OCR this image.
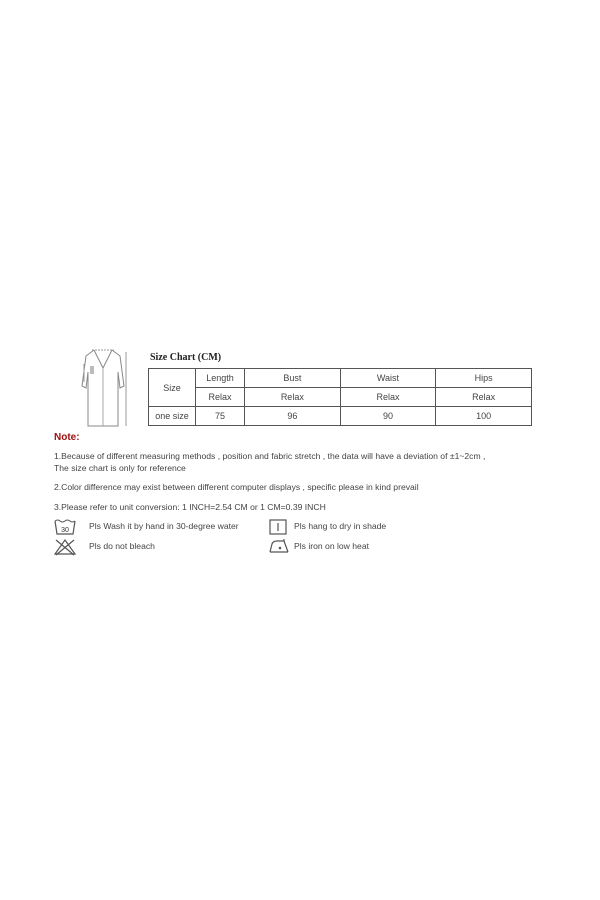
Size Chart (CM)
Size	Length	Bust	Waist	Hips
	Relax	Relax	Relax	Relax
one size	75	96	90	100
Note:
1.Because of different measuring methods , position and fabric stretch , the data will have a deviation of ±1~2cm ,
The size chart is only for reference
2.Color difference may exist between different computer displays , specific please in kind prevail
3.Please refer to unit conversion: 1 INCH=2.54 CM or 1 CM=0.39 INCH
30 Pls Wash it by hand in 30-degree water	Pls hang to dry in shade
Pls do not bleach	Pls iron on low heat
